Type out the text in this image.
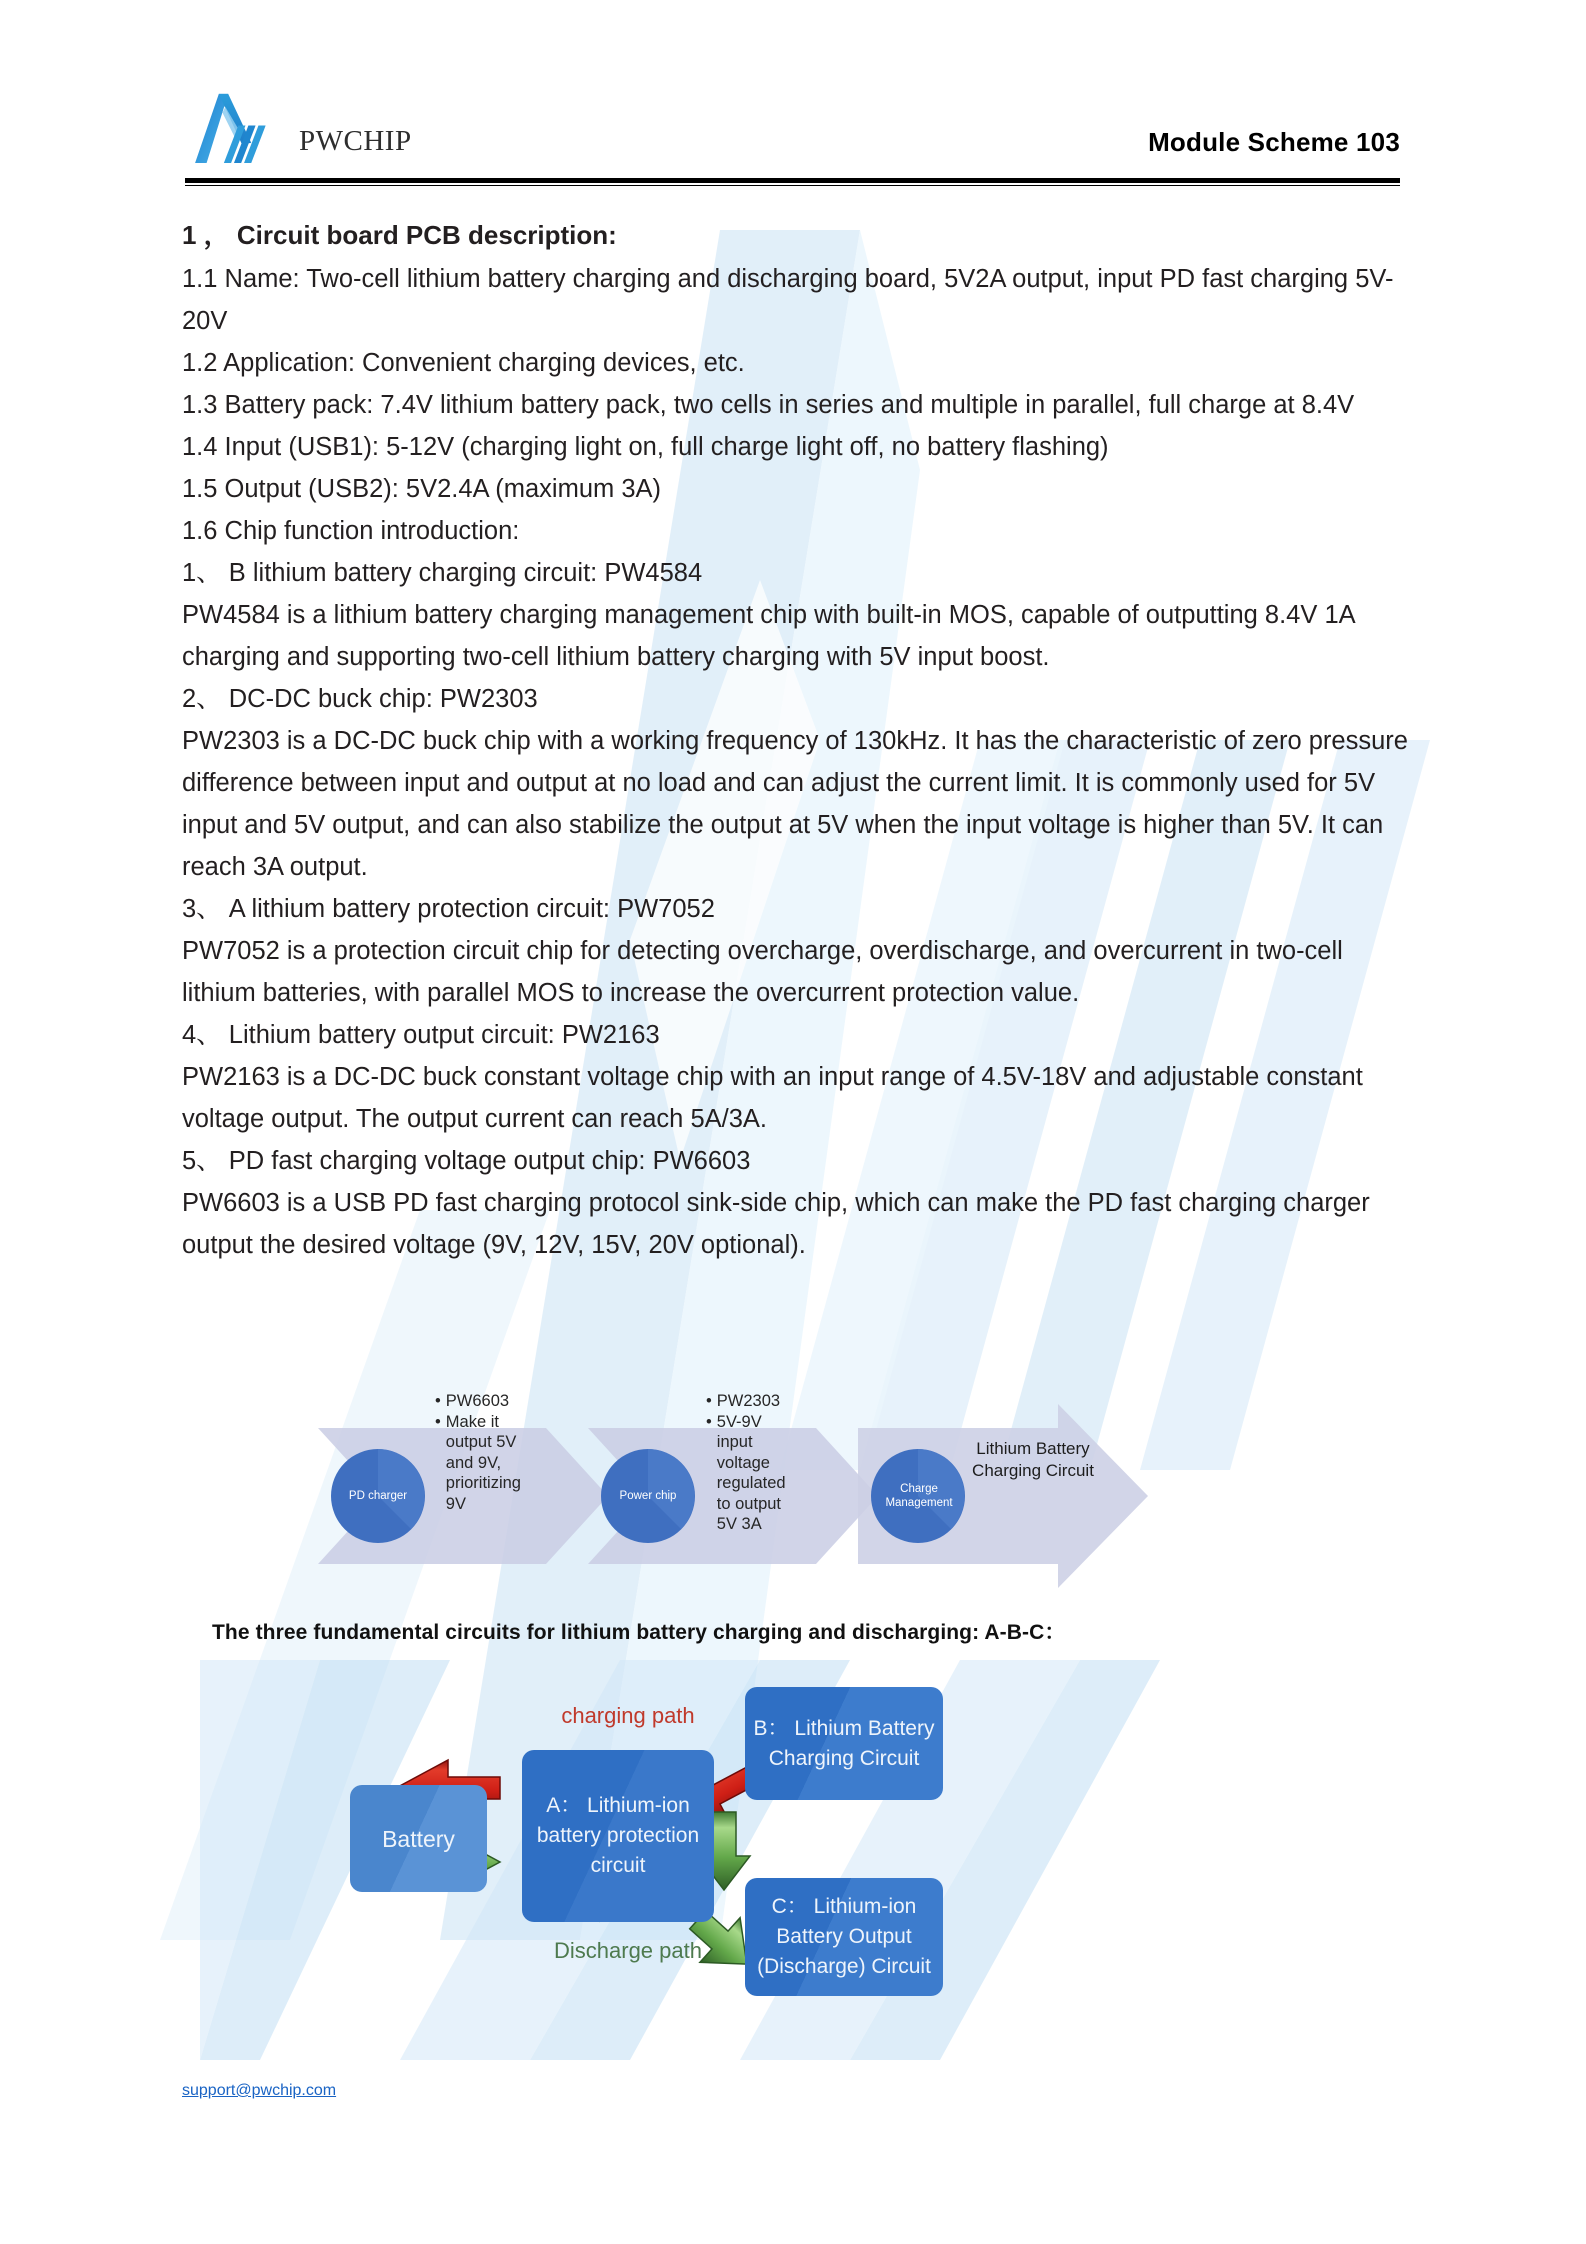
PWCHIP	Module Scheme 103

1 ， Circuit board PCB description:

1.1 Name: Two-cell lithium battery charging and discharging board, 5V2A output, input PD fast charging 5V-20V

1.2 Application: Convenient charging devices, etc.

1.3 Battery pack: 7.4V lithium battery pack, two cells in series and multiple in parallel, full charge at 8.4V

1.4 Input (USB1): 5-12V (charging light on, full charge light off, no battery flashing)

1.5 Output (USB2): 5V2.4A (maximum 3A)

1.6 Chip function introduction:

1、 B lithium battery charging circuit: PW4584

PW4584 is a lithium battery charging management chip with built-in MOS, capable of outputting 8.4V 1A charging and supporting two-cell lithium battery charging with 5V input boost.

2、 DC-DC buck chip: PW2303

PW2303 is a DC-DC buck chip with a working frequency of 130kHz. It has the characteristic of zero pressure difference between input and output at no load and can adjust the current limit. It is commonly used for 5V input and 5V output, and can also stabilize the output at 5V when the input voltage is higher than 5V. It can reach 3A output.

3、 A lithium battery protection circuit: PW7052

PW7052 is a protection circuit chip for detecting overcharge, overdischarge, and overcurrent in two-cell lithium batteries, with parallel MOS to increase the overcurrent protection value.

4、 Lithium battery output circuit: PW2163

PW2163 is a DC-DC buck constant voltage chip with an input range of 4.5V-18V and adjustable constant voltage output. The output current can reach 5A/3A.

5、 PD fast charging voltage output chip: PW6603

PW6603 is a USB PD fast charging protocol sink-side chip, which can make the PD fast charging charger output the desired voltage (9V, 12V, 15V, 20V optional).

PD charger	Power chip
Charge Management
• PW6603
• Make it output 5V and 9V, prioritizing 9V
• PW2303
• 5V-9V input voltage regulated to output 5V 3A
Lithium Battery Charging Circuit
The three fundamental circuits for lithium battery charging and discharging: A-B-C：
Battery
A： Lithium-ion battery protection circuit
B： Lithium Battery Charging Circuit
C： Lithium-ion Battery Output (Discharge) Circuit
charging path
Discharge path
support@pwchip.com
